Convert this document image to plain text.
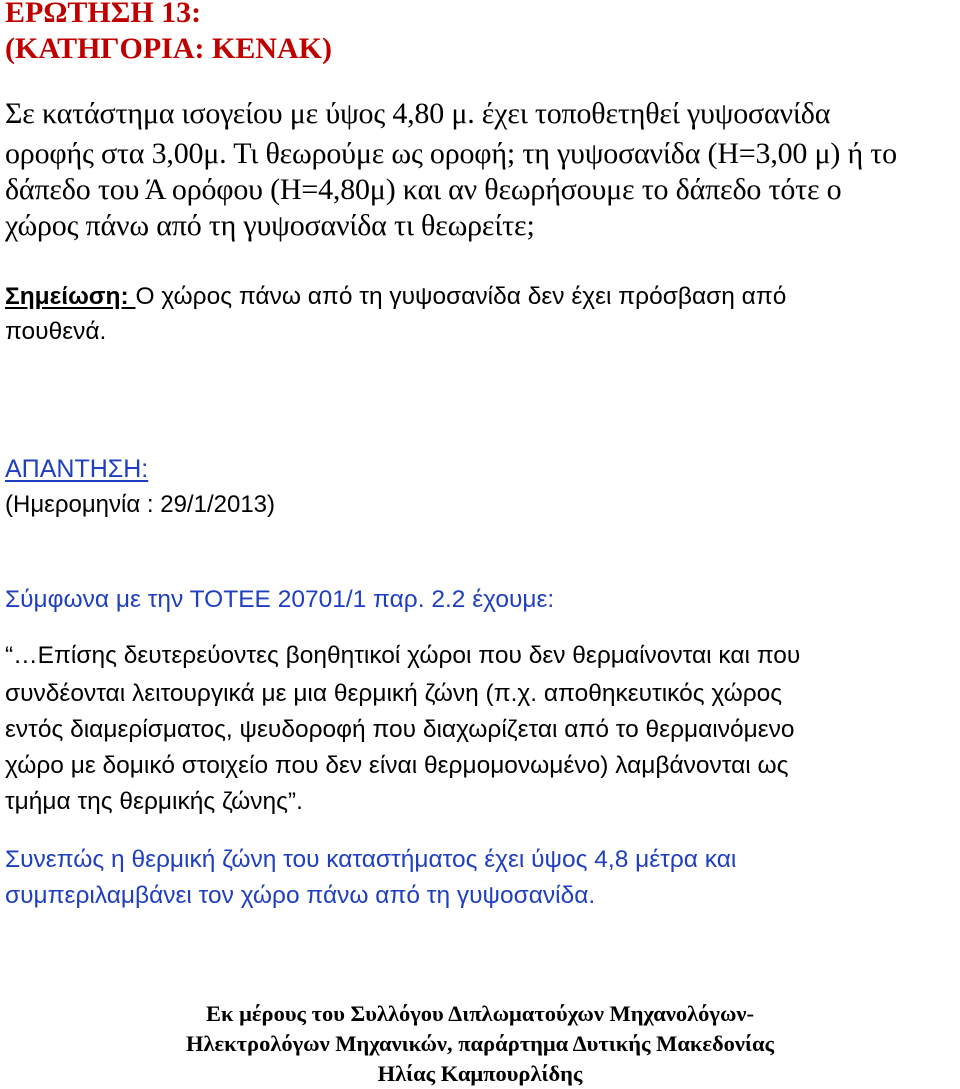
ΕΡΩΤΗΣΗ 13:
(ΚΑΤΗΓΟΡΙΑ: ΚΕΝΑΚ)
Σε κατάστημα ισογείου με ύψος 4,80 μ. έχει τοποθετηθεί γυψοσανίδα
οροφής στα 3,00μ. Τι θεωρούμε ως οροφή; τη γυψοσανίδα (Η=3,00 μ) ή το
δάπεδο του Ά ορόφου (Η=4,80μ) και αν θεωρήσουμε το δάπεδο τότε ο
χώρος πάνω από τη γυψοσανίδα τι θεωρείτε;
Σημείωση: Ο χώρος πάνω από τη γυψοσανίδα δεν έχει πρόσβαση από
πουθενά.
ΑΠΑΝΤΗΣΗ:
(Ημερομηνία : 29/1/2013)
Σύμφωνα με την ΤΟΤΕΕ 20701/1 παρ. 2.2 έχουμε:
“…Επίσης δευτερεύοντες βοηθητικοί χώροι που δεν θερμαίνονται και που
συνδέονται λειτουργικά με μια θερμική ζώνη (π.χ. αποθηκευτικός χώρος
εντός διαμερίσματος, ψευδοροφή που διαχωρίζεται από το θερμαινόμενο
χώρο με δομικό στοιχείο που δεν είναι θερμομονωμένο) λαμβάνονται ως
τμήμα της θερμικής ζώνης”.
Συνεπώς η θερμική ζώνη του καταστήματος έχει ύψος 4,8 μέτρα και
συμπεριλαμβάνει τον χώρο πάνω από τη γυψοσανίδα.
Εκ μέρους του Συλλόγου Διπλωματούχων Μηχανολόγων-
Ηλεκτρολόγων Μηχανικών, παράρτημα Δυτικής Μακεδονίας
Ηλίας Καμπουρλίδης
